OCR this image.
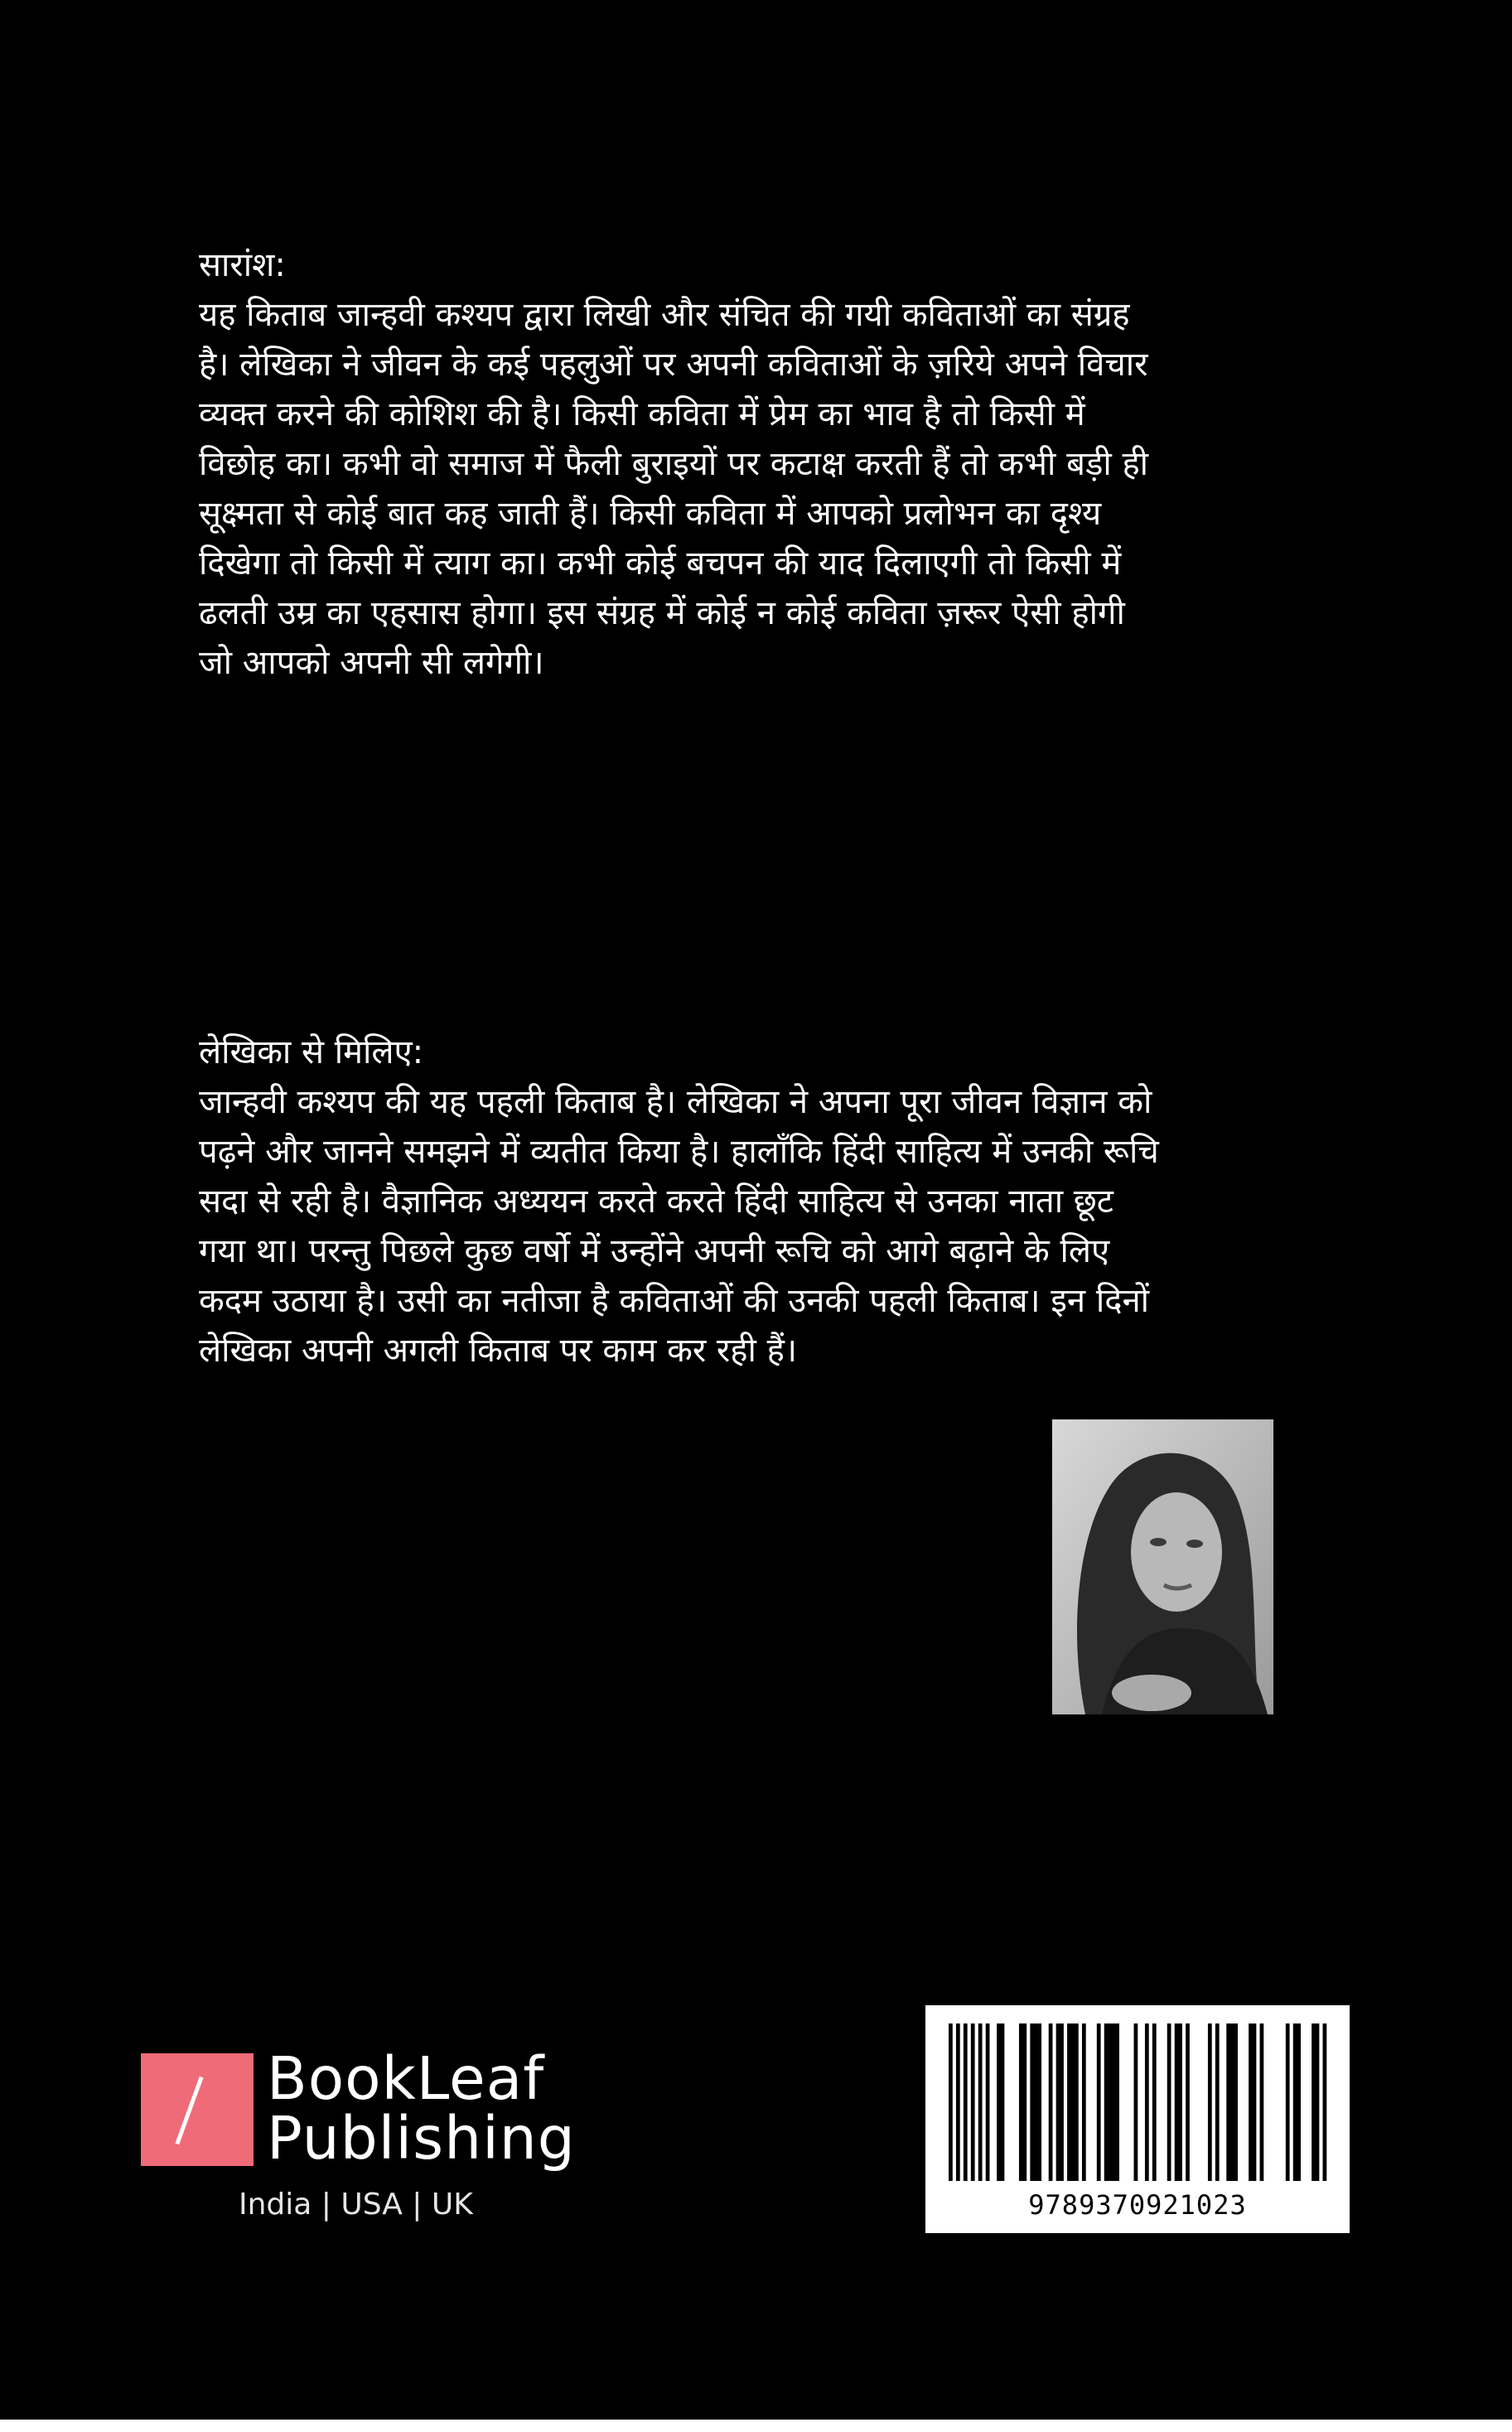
सारांश:

यह किताब जान्हवी कश्यप द्वारा लिखी और संचित की गयी कविताओं का संग्रह है। लेखिका ने जीवन के कई पहलुओं पर अपनी कविताओं के ज़रिये अपने विचार व्यक्त करने की कोशिश की है। किसी कविता में प्रेम का भाव है तो किसी में विछोह का। कभी वो समाज में फैली बुराइयों पर कटाक्ष करती हैं तो कभी बड़ी ही सूक्ष्मता से कोई बात कह जाती हैं। किसी कविता में आपको प्रलोभन का दृश्य दिखेगा तो किसी में त्याग का। कभी कोई बचपन की याद दिलाएगी तो किसी में ढलती उम्र का एहसास होगा। इस संग्रह में कोई न कोई कविता ज़रूर ऐसी होगी जो आपको अपनी सी लगेगी।

लेखिका से मिलिए:

जान्हवी कश्यप की यह पहली किताब है। लेखिका ने अपना पूरा जीवन विज्ञान को पढ़ने और जानने समझने में व्यतीत किया है। हालाँकि हिंदी साहित्य में उनकी रूचि सदा से रही है। वैज्ञानिक अध्ययन करते करते हिंदी साहित्य से उनका नाता छूट गया था। परन्तु पिछले कुछ वर्षो में उन्होंने अपनी रूचि को आगे बढ़ाने के लिए कदम उठाया है। उसी का नतीजा है कविताओं की उनकी पहली किताब। इन दिनों लेखिका अपनी अगली किताब पर काम कर रही हैं।

BookLeaf
Publishing
India | USA | UK	9789370921023
